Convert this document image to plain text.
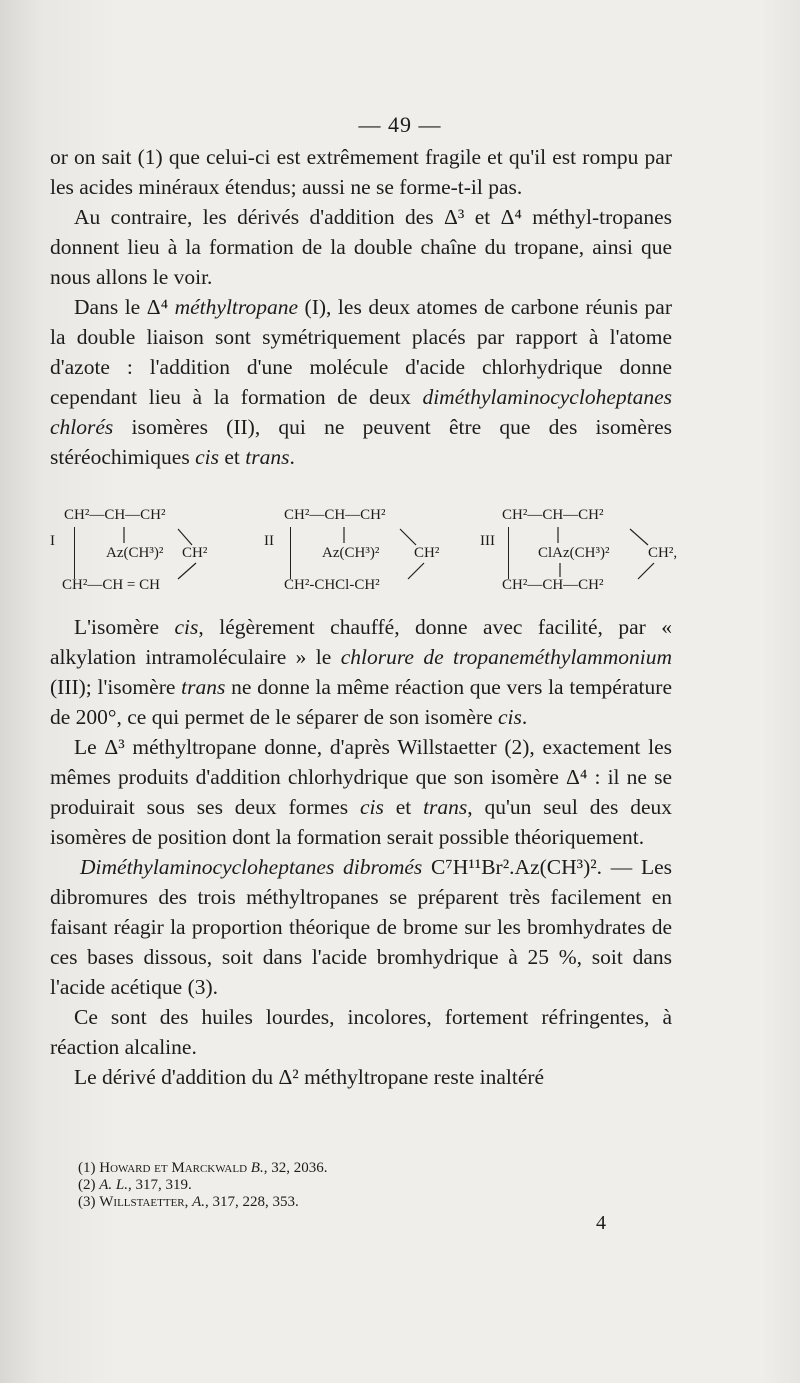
— 49 —

or on sait (1) que celui-ci est extrêmement fragile et qu'il est rompu par les acides minéraux étendus; aussi ne se forme-t-il pas.

Au contraire, les dérivés d'addition des Δ³ et Δ⁴ méthyl-tropanes donnent lieu à la formation de la double chaîne du tropane, ainsi que nous allons le voir.

Dans le Δ⁴ méthyltropane (I), les deux atomes de carbone réunis par la double liaison sont symétriquement placés par rapport à l'atome d'azote : l'addition d'une molécule d'acide chlorhydrique donne cependant lieu à la formation de deux diméthylaminocycloheptanes chlorés isomères (II), qui ne peuvent être que des isomères stéréochimiques cis et trans.

I
CH²—CH—CH²
Az(CH³)² CH²
CH²—CH = CH
II
CH²—CH—CH²
Az(CH³)² CH²
CH²-CHCl-CH²
III
CH²—CH—CH²
ClAz(CH³)²	CH²,
CH²—CH—CH²

L'isomère cis, légèrement chauffé, donne avec facilité, par « alkylation intramoléculaire » le chlorure de tropaneméthylammonium (III); l'isomère trans ne donne la même réaction que vers la température de 200°, ce qui permet de le séparer de son isomère cis.

Le Δ³ méthyltropane donne, d'après Willstaetter (2), exactement les mêmes produits d'addition chlorhydrique que son isomère Δ⁴ : il ne se produirait sous ses deux formes cis et trans, qu'un seul des deux isomères de position dont la formation serait possible théoriquement.

Diméthylaminocycloheptanes dibromés C⁷H¹¹Br².Az(CH³)². — Les dibromures des trois méthyltropanes se préparent très facilement en faisant réagir la proportion théorique de brome sur les bromhydrates de ces bases dissous, soit dans l'acide bromhydrique à 25 %, soit dans l'acide acétique (3).

Ce sont des huiles lourdes, incolores, fortement réfringentes, à réaction alcaline.

Le dérivé d'addition du Δ² méthyltropane reste inaltéré

(1) Howard et Marckwald B., 32, 2036.
(2) A. L., 317, 319.
(3) Willstaetter, A., 317, 228, 353.
4
